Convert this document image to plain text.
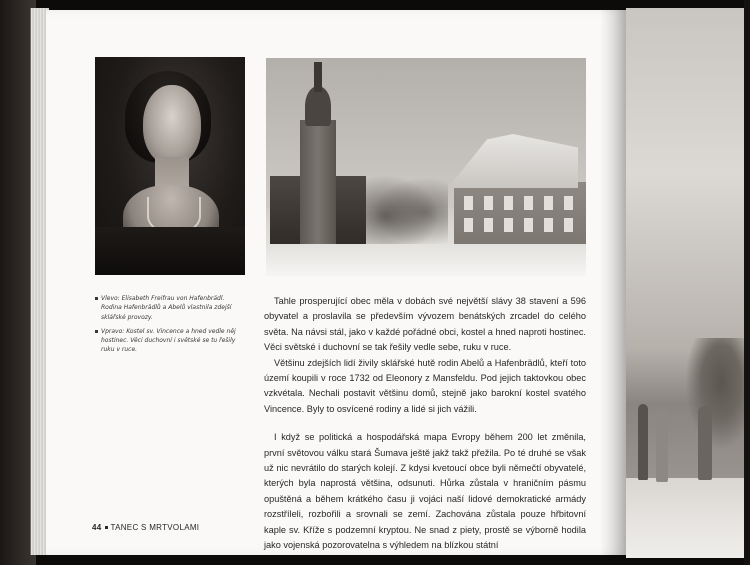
Vlevo: Elisabeth Freifrau von Hafenbrädl. Rodina Hafenbrädlů a Abelů vlastnila zdejší sklářské provozy.
Vpravo: Kostel sv. Vincence a hned vedle něj hostinec. Věci duchovní i světské se tu řešily ruku v ruce.

Tahle prosperující obec měla v dobách své největší slávy 38 stavení a 596 obyvatel a proslavila se především vývozem benátských zrcadel do celého světa. Na návsi stál, jako v každé pořádné obci, kostel a hned naproti hostinec. Věci světské i duchovní se tak řešily vedle sebe, ruku v ruce.

Většinu zdejších lidí živily sklářské hutě rodin Abelů a Hafenbrädlů, kteří toto území koupili v roce 1732 od Eleonory z Mansfeldu. Pod jejich taktovkou obec vzkvétala. Nechali postavit většinu domů, stejně jako barokní kostel svatého Vincence. Byly to osvícené rodiny a lidé si jich vážili.

I když se politická a hospodářská mapa Evropy během 200 let změnila, první světovou válku stará Šumava ještě jakž takž přežila. Po té druhé se však už nic nevrátilo do starých kolejí. Z kdysi kvetoucí obce byli němečtí obyvatelé, kterých byla naprostá většina, odsunuti. Hůrka zůstala v hraničním pásmu opuštěná a během krátkého času ji vojáci naší lidové demokratické armády rozstříleli, rozbořili a srovnali se zemí. Zachována zůstala pouze hřbitovní kaple sv. Kříže s podzemní kryptou. Ne snad z piety, prostě se výborně hodila jako vojenská pozorovatelna s výhledem na blízkou státní

44 TANEC S MRTVOLAMI
